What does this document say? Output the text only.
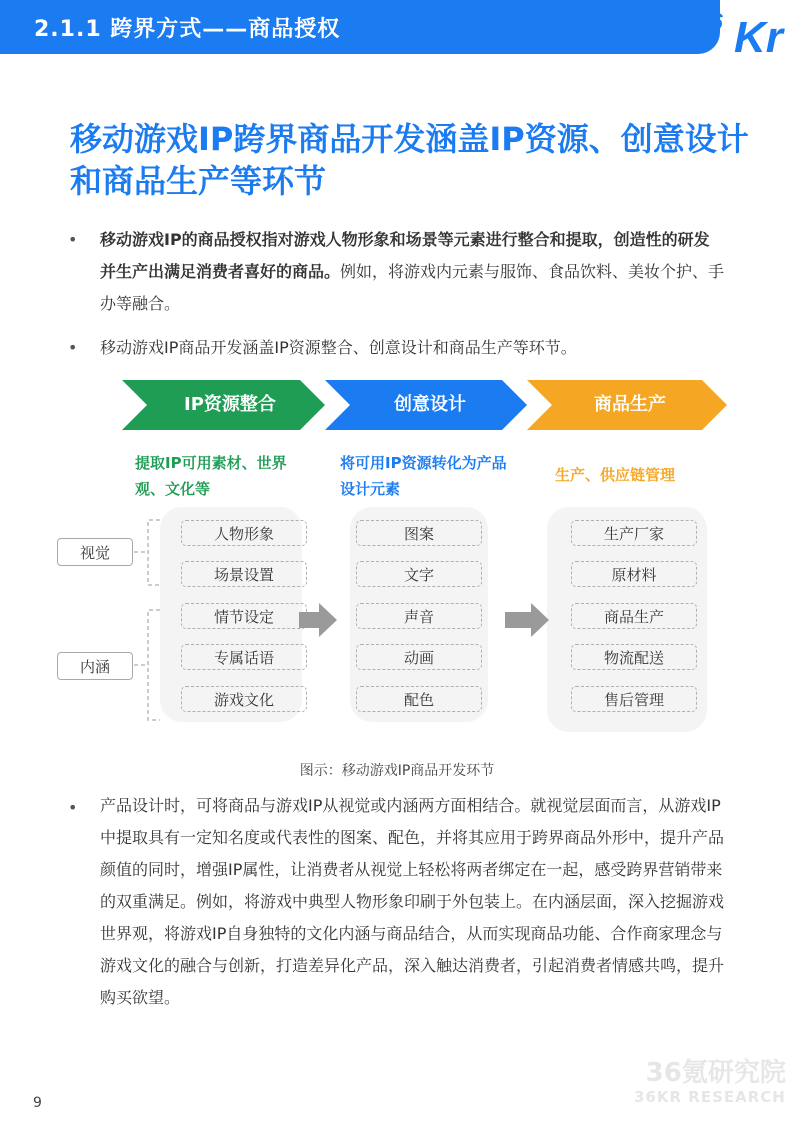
2.1.1 跨界方式——商品授权	36 Kr
移动游戏IP跨界商品开发涵盖IP资源、创意设计和商品生产等环节
•	移动游戏IP的商品授权指对游戏人物形象和场景等元素进行整合和提取，创造性的研发并生产出满足消费者喜好的商品。例如，将游戏内元素与服饰、食品饮料、美妆个护、手办等融合。
•	移动游戏IP商品开发涵盖IP资源整合、创意设计和商品生产等环节。
IP资源整合	创意设计	商品生产
提取IP可用素材、世界观、文化等
将可用IP资源转化为产品设计元素
生产、供应链管理
视觉
内涵
人物形象
场景设置
情节设定
专属话语
游戏文化
图案
文字
声音
动画
配色
生产厂家
原材料
商品生产
物流配送
售后管理
图示：移动游戏IP商品开发环节
•	产品设计时，可将商品与游戏IP从视觉或内涵两方面相结合。就视觉层面而言，从游戏IP中提取具有一定知名度或代表性的图案、配色，并将其应用于跨界商品外形中，提升产品颜值的同时，增强IP属性，让消费者从视觉上轻松将两者绑定在一起，感受跨界营销带来的双重满足。例如，将游戏中典型人物形象印刷于外包装上。在内涵层面，深入挖掘游戏世界观，将游戏IP自身独特的文化内涵与商品结合，从而实现商品功能、合作商家理念与游戏文化的融合与创新，打造差异化产品，深入触达消费者，引起消费者情感共鸣，提升购买欲望。
9
36氪研究院
36KR RESEARCH
